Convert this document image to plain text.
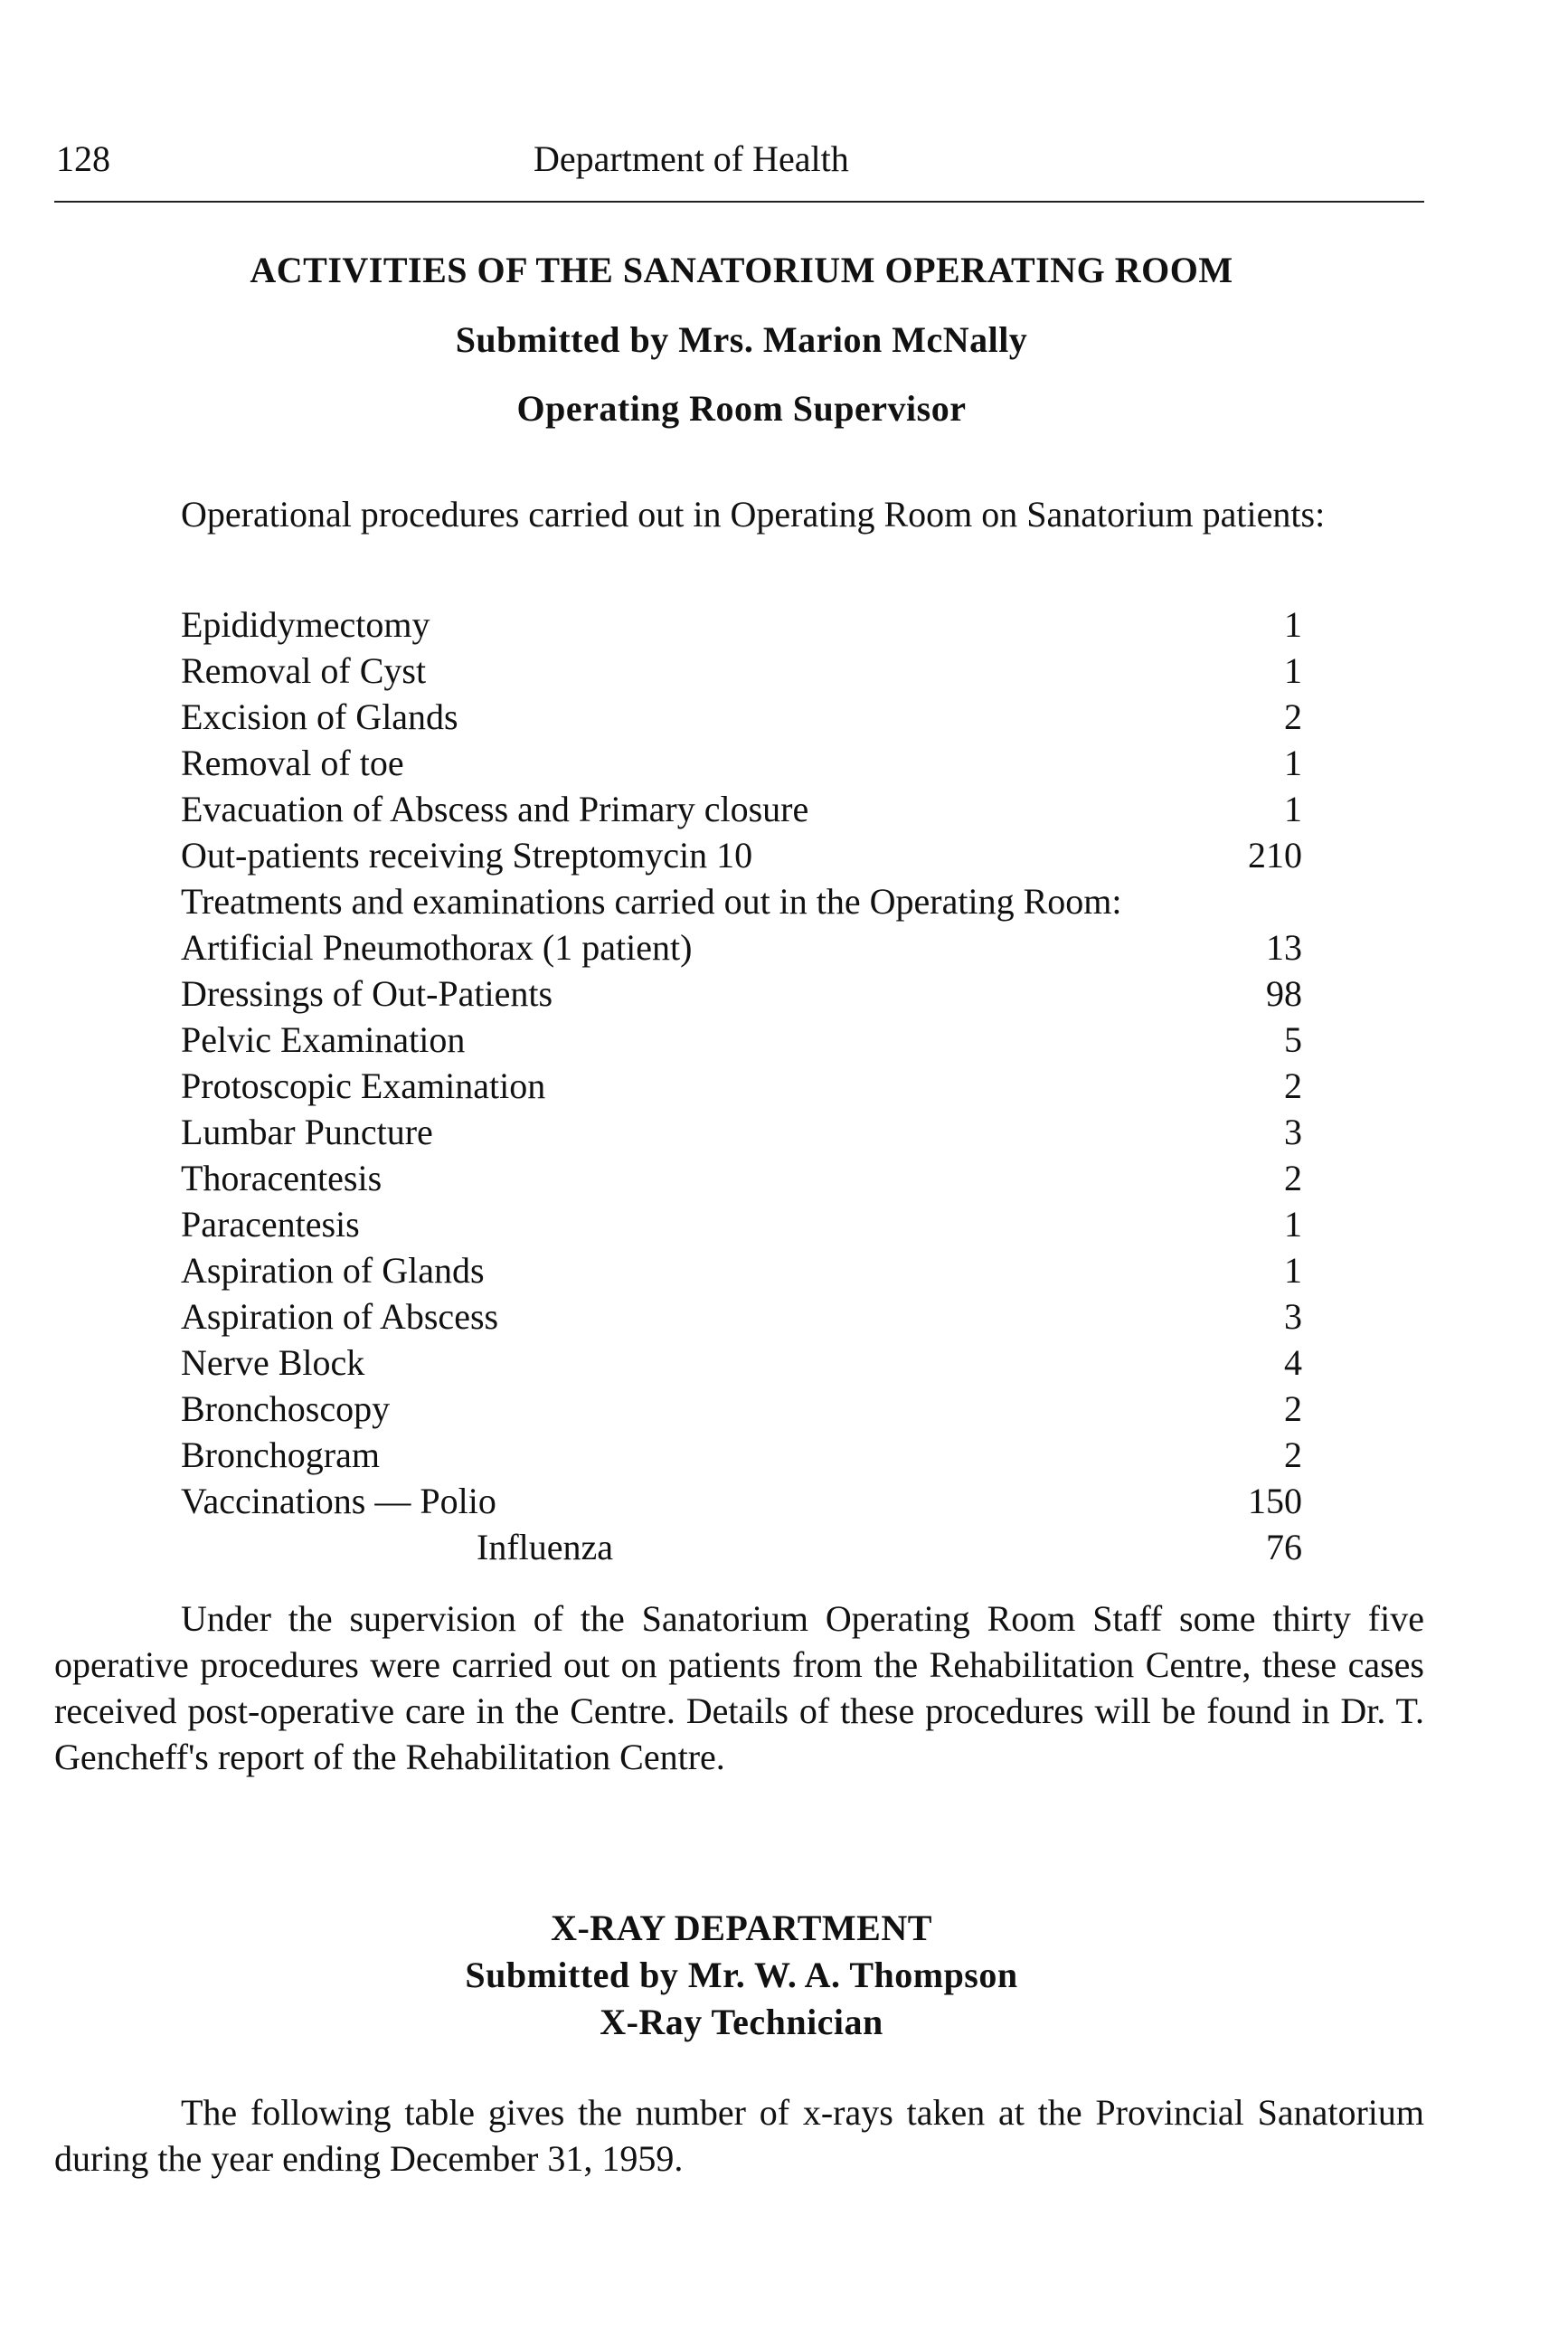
128	Department of Health
ACTIVITIES OF THE SANATORIUM OPERATING ROOM
Submitted by Mrs. Marion McNally
Operating Room Supervisor
Operational procedures carried out in Operating Room on Sanatorium patients:
Epididymectomy	1
Removal of Cyst	1
Excision of Glands	2
Removal of toe	1
Evacuation of Abscess and Primary closure	1
Out-patients receiving Streptomycin 10	210
Treatments and examinations carried out in the Operating Room:
Artificial Pneumothorax (1 patient)	13
Dressings of Out-Patients	98
Pelvic Examination	5
Protoscopic Examination	2
Lumbar Puncture	3
Thoracentesis	2
Paracentesis	1
Aspiration of Glands	1
Aspiration of Abscess	3
Nerve Block	4
Bronchoscopy	2
Bronchogram	2
Vaccinations — Polio	150
Influenza	76
Under the supervision of the Sanatorium Operating Room Staff some thirty five operative procedures were carried out on patients from the Rehabilitation Centre, these cases received post-operative care in the Centre. Details of these procedures will be found in Dr. T. Gencheff's report of the Rehabilitation Centre.
X-RAY DEPARTMENT
Submitted by Mr. W. A. Thompson
X-Ray Technician
The following table gives the number of x-rays taken at the Provincial Sanatorium during the year ending December 31, 1959.
